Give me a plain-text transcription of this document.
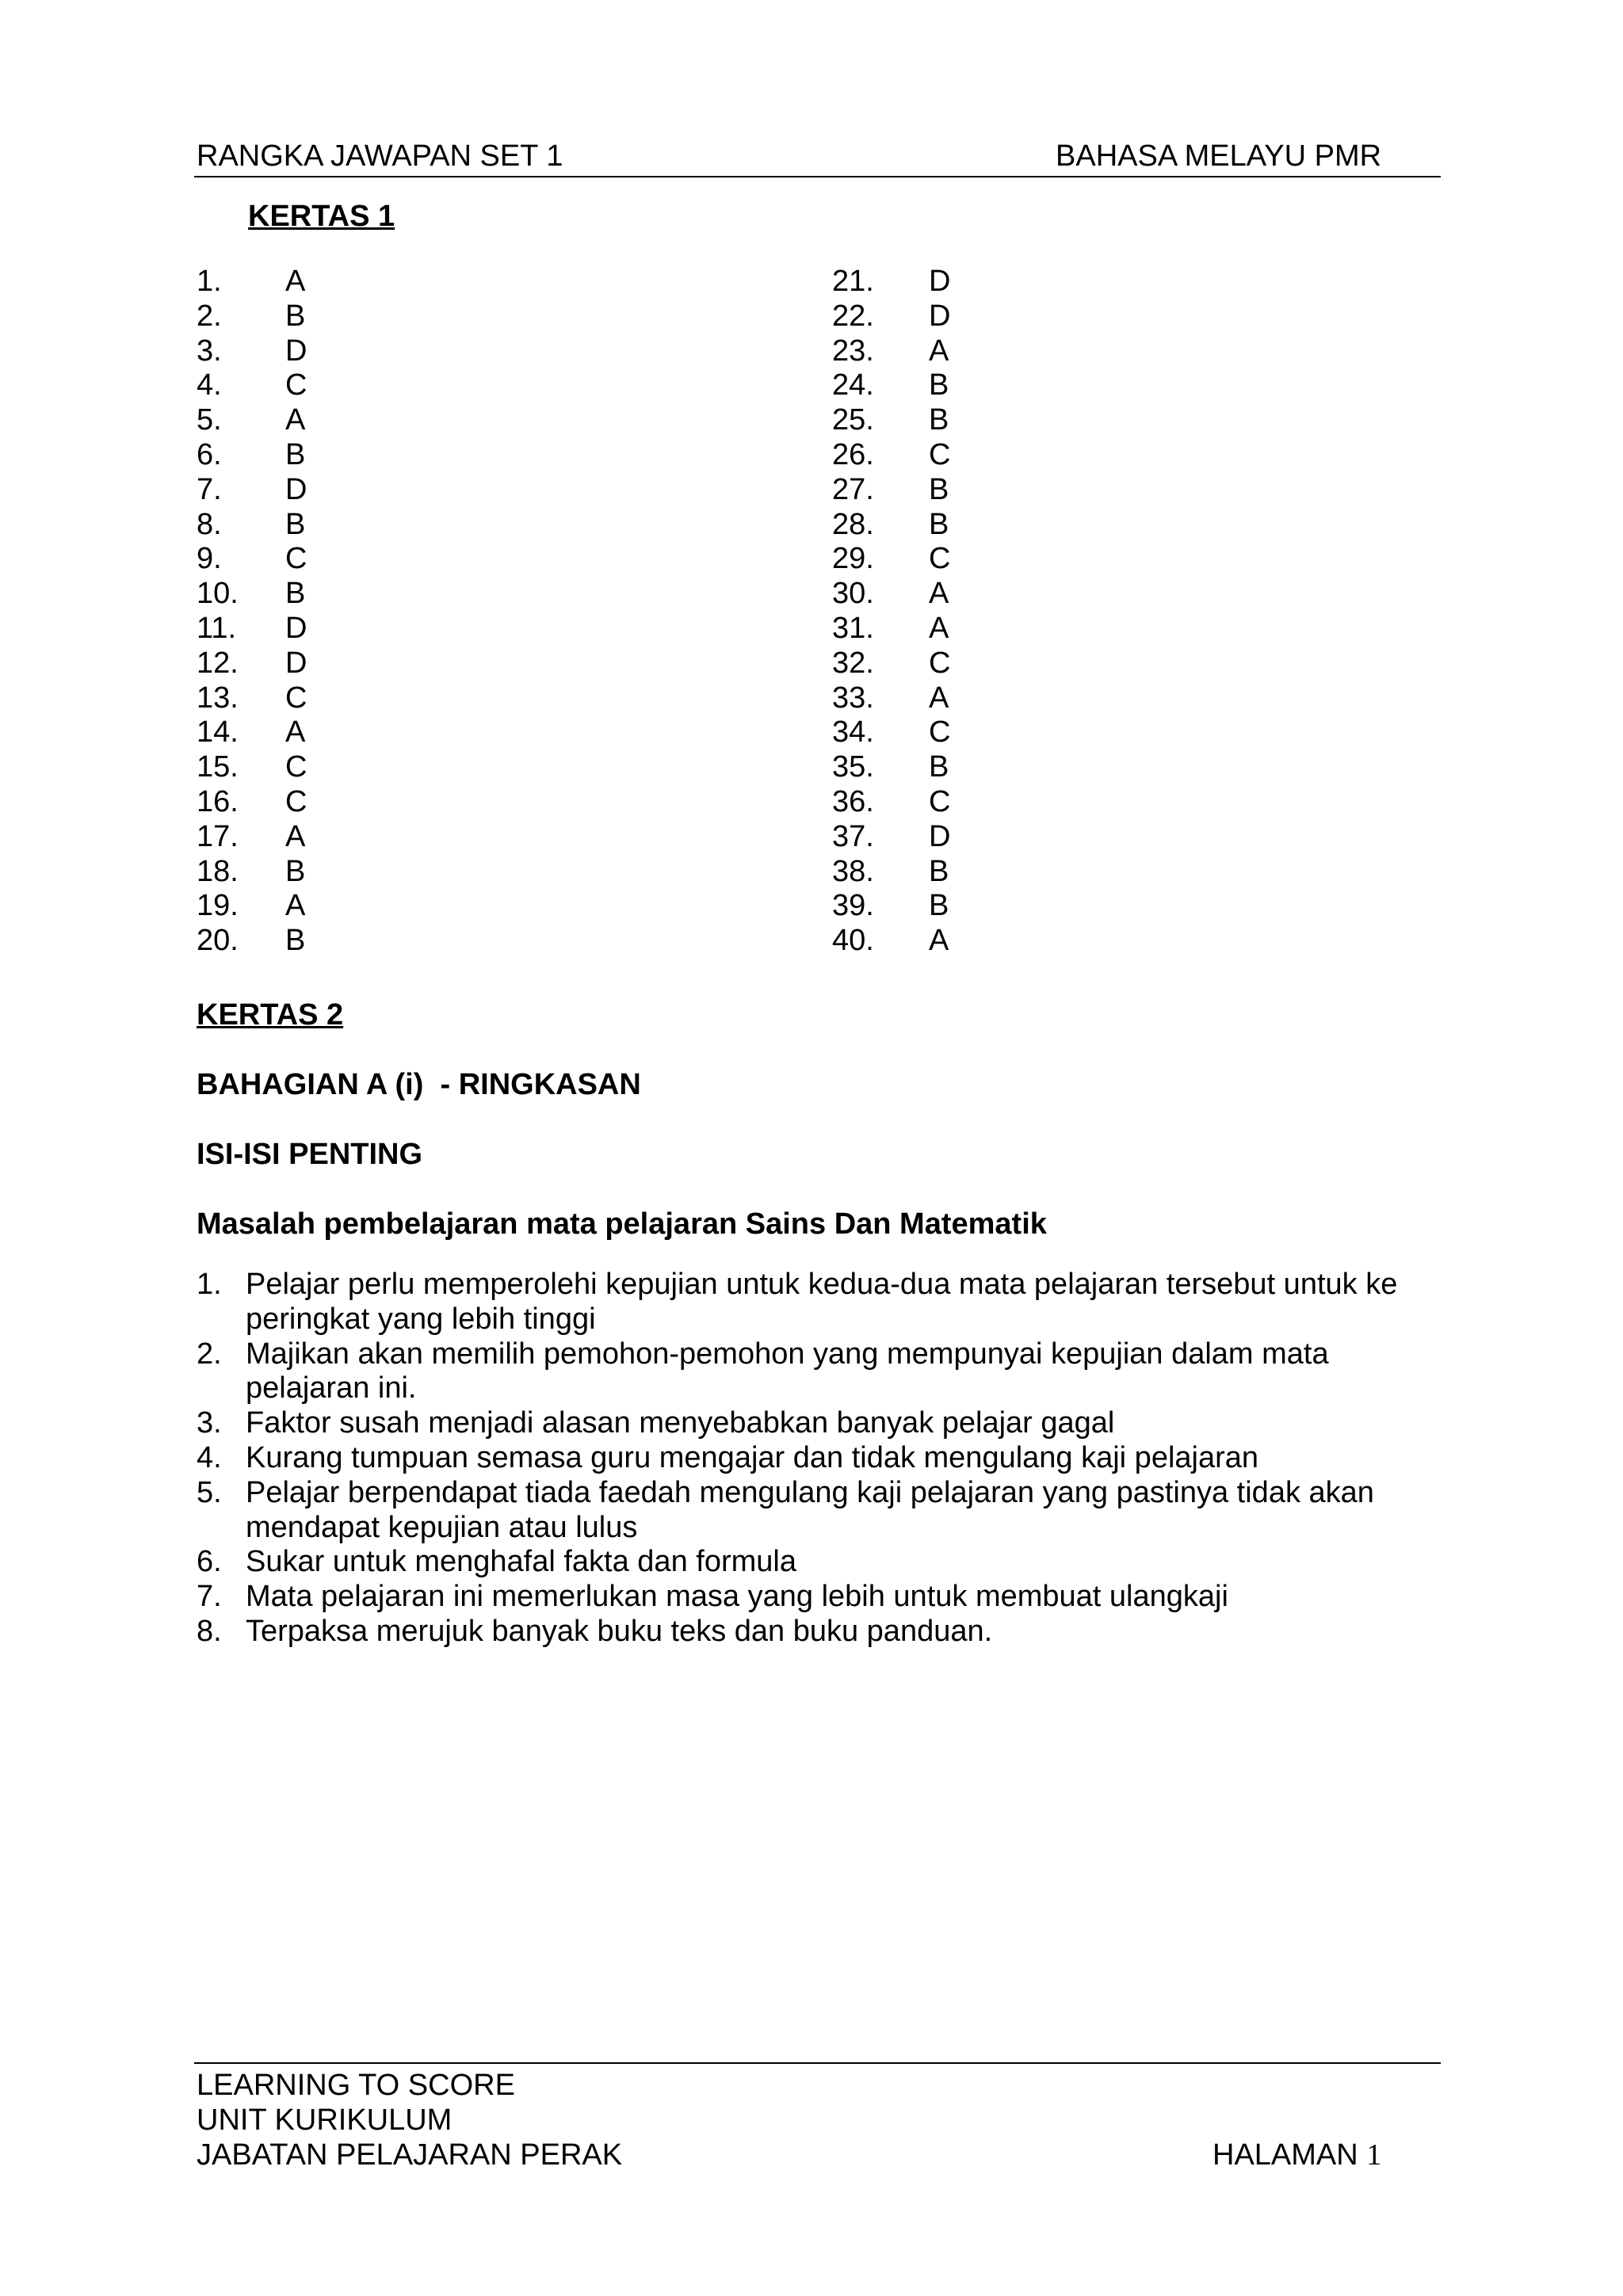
RANGKA JAWAPAN SET 1	BAHASA MELAYU PMR
KERTAS 1
1. A
2. B
3. D
4. C
5. A
6. B
7. D
8. B
9. C
10. B
11. D
12. D
13. C
14. A
15. C
16. C
17. A
18. B
19. A
20. B
21. D
22. D
23. A
24. B
25. B
26. C
27. B
28. B
29. C
30. A
31. A
32. C
33. A
34. C
35. B
36. C
37. D
38. B
39. B
40. A
KERTAS 2
BAHAGIAN A (i)  - RINGKASAN
ISI-ISI PENTING
Masalah pembelajaran mata pelajaran Sains Dan Matematik
1. Pelajar perlu memperolehi kepujian untuk kedua-dua mata pelajaran tersebut untuk ke peringkat yang lebih tinggi
2. Majikan akan memilih pemohon-pemohon yang mempunyai kepujian dalam mata pelajaran ini.
3. Faktor susah menjadi alasan menyebabkan banyak pelajar gagal
4. Kurang tumpuan semasa guru mengajar dan tidak mengulang kaji pelajaran
5. Pelajar berpendapat tiada faedah mengulang kaji pelajaran yang pastinya tidak akan mendapat kepujian atau lulus
6. Sukar untuk menghafal fakta dan formula
7. Mata pelajaran ini memerlukan masa yang lebih untuk membuat ulangkaji
8. Terpaksa merujuk banyak buku teks dan buku panduan.
LEARNING TO SCORE
UNIT KURIKULUM
JABATAN PELAJARAN PERAK	HALAMAN 1
